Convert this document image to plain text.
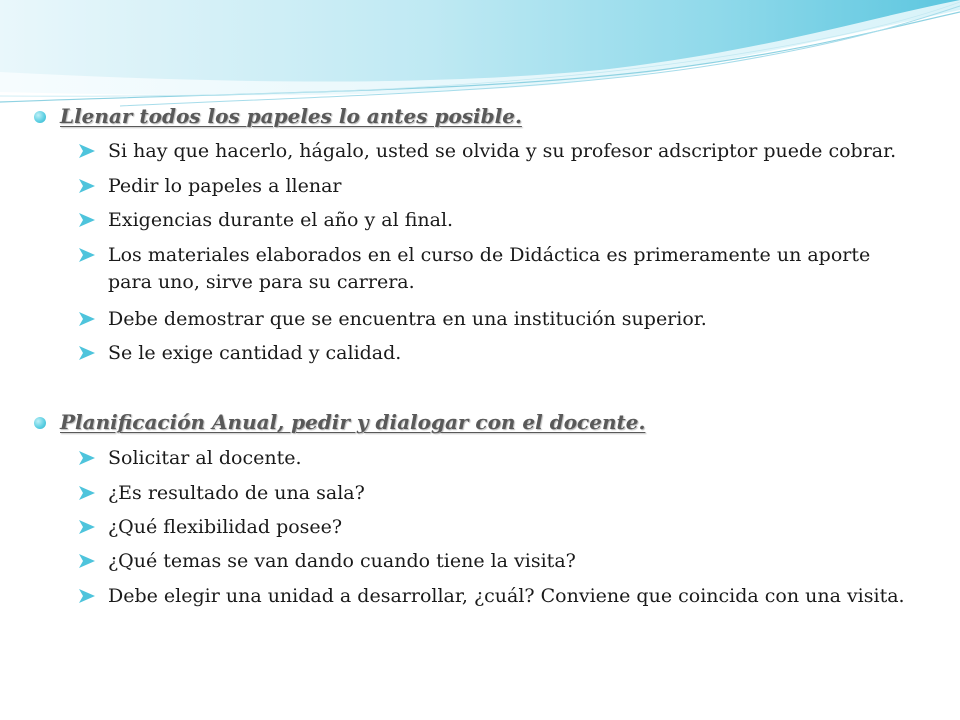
Llenar todos los papeles lo antes posible.
Si hay que hacerlo, hágalo, usted se olvida y su profesor adscriptor puede cobrar.
Pedir lo papeles a llenar
Exigencias durante el año y al final.
Los materiales elaborados en el curso de Didáctica es primeramente un aporte para uno, sirve para su carrera.
Debe demostrar que se encuentra en una institución superior.
Se le exige cantidad y calidad.
Planificación Anual, pedir y dialogar con el docente.
Solicitar al docente.
¿Es resultado de una sala?
¿Qué flexibilidad posee?
¿Qué temas se van dando cuando tiene la visita?
Debe elegir una unidad a desarrollar, ¿cuál? Conviene que coincida con una visita.
